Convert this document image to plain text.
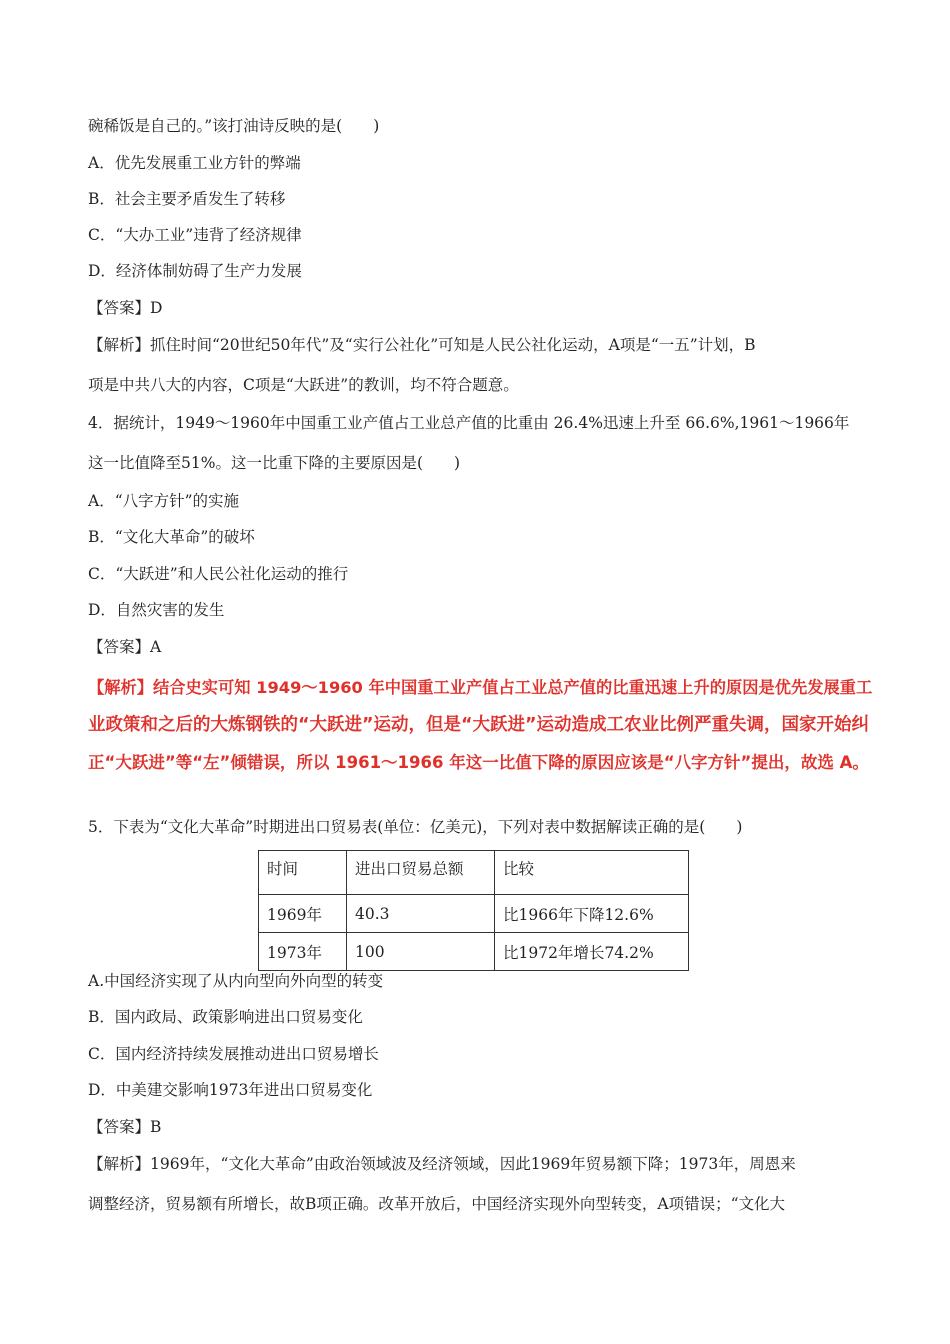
碗稀饭是自己的。”该打油诗反映的是(　　)
A．优先发展重工业方针的弊端
B．社会主要矛盾发生了转移
C．“大办工业”违背了经济规律
D．经济体制妨碍了生产力发展
【答案】D
【解析】抓住时间“20世纪50年代”及“实行公社化”可知是人民公社化运动，A项是“一五”计划，B
项是中共八大的内容，C项是“大跃进”的教训，均不符合题意。
4．据统计，1949～1960年中国重工业产值占工业总产值的比重由 26.4%迅速上升至 66.6%,1961～1966年
这一比值降至51%。这一比重下降的主要原因是(　　)
A．“八字方针”的实施
B．“文化大革命”的破坏
C．“大跃进”和人民公社化运动的推行
D．自然灾害的发生
【答案】A
【解析】结合史实可知 1949～1960 年中国重工业产值占工业总产值的比重迅速上升的原因是优先发展重工
业政策和之后的大炼钢铁的“大跃进”运动，但是“大跃进”运动造成工农业比例严重失调，国家开始纠
正“大跃进”等“左”倾错误，所以 1961～1966 年这一比值下降的原因应该是“八字方针”提出，故选 A。
5．下表为“文化大革命”时期进出口贸易表(单位：亿美元)，下列对表中数据解读正确的是(　　)
时间	进出口贸易总额	比较
1969年	40.3	比1966年下降12.6%
1973年	100	比1972年增长74.2%
A.中国经济实现了从内向型向外向型的转变
B．国内政局、政策影响进出口贸易变化
C．国内经济持续发展推动进出口贸易增长
D．中美建交影响1973年进出口贸易变化
【答案】B
【解析】1969年，“文化大革命”由政治领域波及经济领域，因此1969年贸易额下降；1973年，周恩来
调整经济，贸易额有所增长，故B项正确。改革开放后，中国经济实现外向型转变，A项错误；“文化大
